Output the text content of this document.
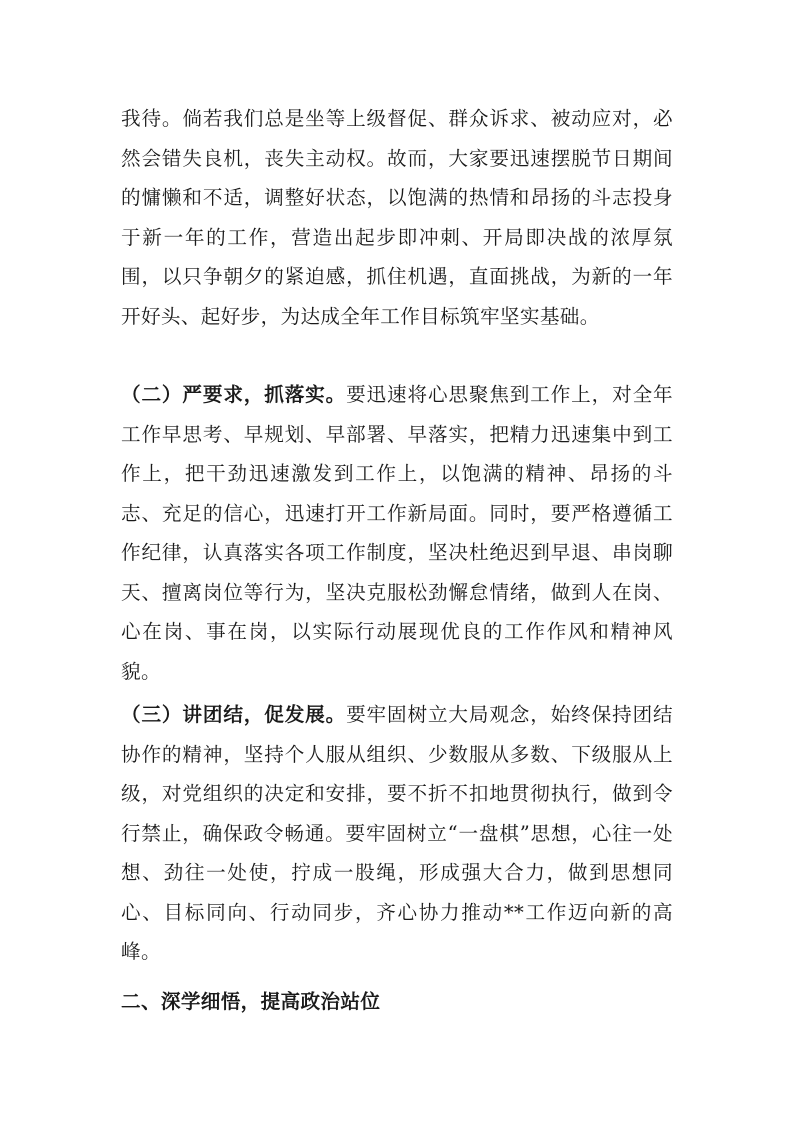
我待。倘若我们总是坐等上级督促、群众诉求、被动应对，必然会错失良机，丧失主动权。故而，大家要迅速摆脱节日期间的慵懒和不适，调整好状态，以饱满的热情和昂扬的斗志投身于新一年的工作，营造出起步即冲刺、开局即决战的浓厚氛围，以只争朝夕的紧迫感，抓住机遇，直面挑战，为新的一年开好头、起好步，为达成全年工作目标筑牢坚实基础。

（二）严要求，抓落实。要迅速将心思聚焦到工作上，对全年工作早思考、早规划、早部署、早落实，把精力迅速集中到工作上，把干劲迅速激发到工作上，以饱满的精神、昂扬的斗志、充足的信心，迅速打开工作新局面。同时，要严格遵循工作纪律，认真落实各项工作制度，坚决杜绝迟到早退、串岗聊天、擅离岗位等行为，坚决克服松劲懈怠情绪，做到人在岗、心在岗、事在岗，以实际行动展现优良的工作作风和精神风貌。

（三）讲团结，促发展。要牢固树立大局观念，始终保持团结协作的精神，坚持个人服从组织、少数服从多数、下级服从上级，对党组织的决定和安排，要不折不扣地贯彻执行，做到令行禁止，确保政令畅通。要牢固树立“一盘棋”思想，心往一处想、劲往一处使，拧成一股绳，形成强大合力，做到思想同心、目标同向、行动同步，齐心协力推动**工作迈向新的高峰。

二、深学细悟，提高政治站位
